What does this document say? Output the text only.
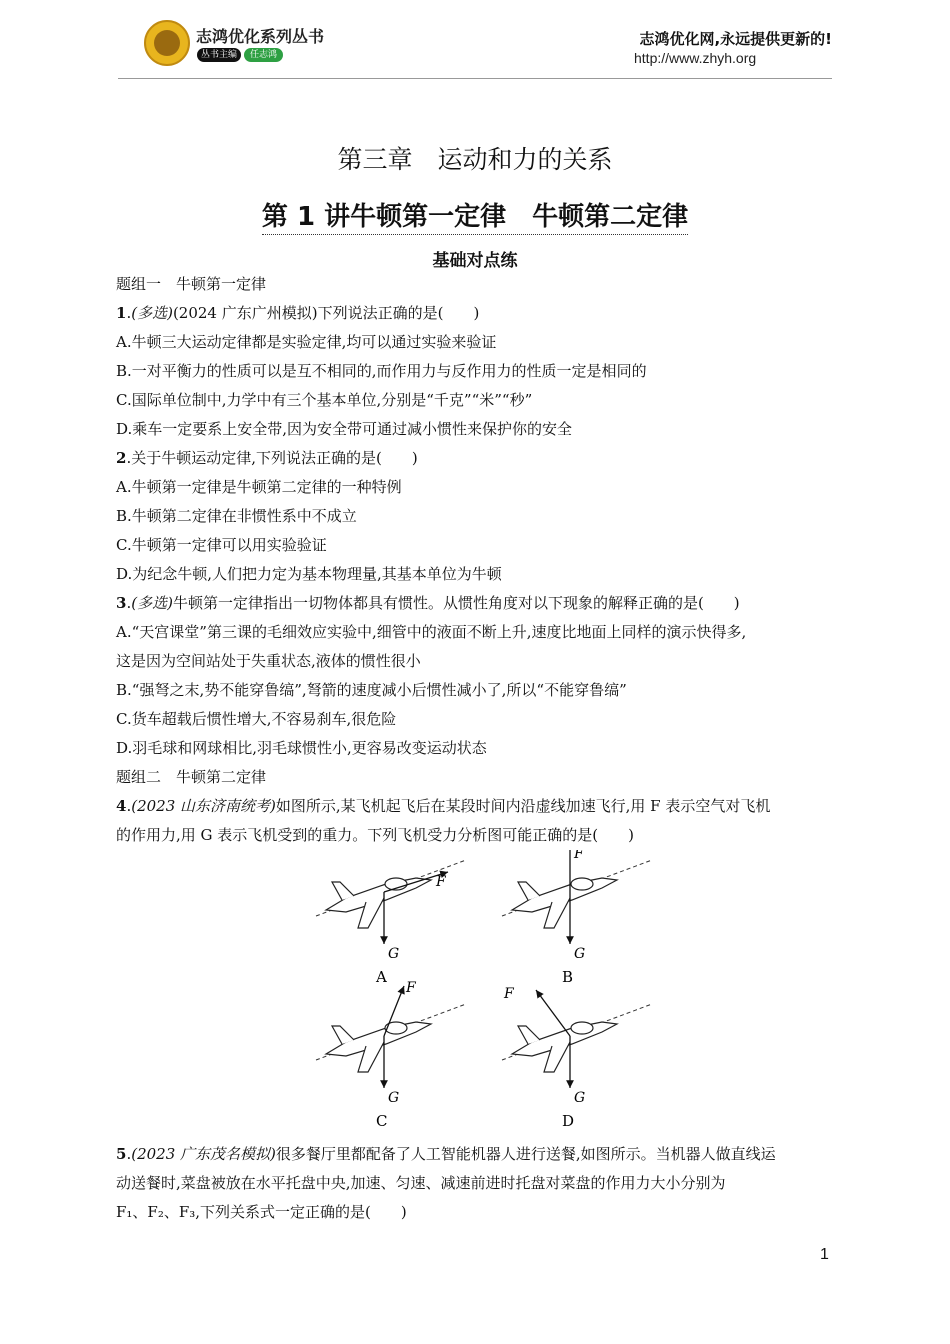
志鸿优化系列丛书
丛书主编	任志鸿
志鸿优化网,永远提供更新的!
http://www.zhyh.org
第三章　运动和力的关系
第 1 讲牛顿第一定律　牛顿第二定律
基础对点练

题组一　牛顿第一定律

1.(多选)(2024 广东广州模拟)下列说法正确的是(　　)

A.牛顿三大运动定律都是实验定律,均可以通过实验来验证

B.一对平衡力的性质可以是互不相同的,而作用力与反作用力的性质一定是相同的

C.国际单位制中,力学中有三个基本单位,分别是“千克”“米”“秒”

D.乘车一定要系上安全带,因为安全带可通过减小惯性来保护你的安全

2.关于牛顿运动定律,下列说法正确的是(　　)

A.牛顿第一定律是牛顿第二定律的一种特例

B.牛顿第二定律在非惯性系中不成立

C.牛顿第一定律可以用实验验证

D.为纪念牛顿,人们把力定为基本物理量,其基本单位为牛顿

3.(多选)牛顿第一定律指出一切物体都具有惯性。从惯性角度对以下现象的解释正确的是(　　)

A.“天宫课堂”第三课的毛细效应实验中,细管中的液面不断上升,速度比地面上同样的演示快得多,

这是因为空间站处于失重状态,液体的惯性很小

B.“强弩之末,势不能穿鲁缟”,弩箭的速度减小后惯性减小了,所以“不能穿鲁缟”

C.货车超载后惯性增大,不容易刹车,很危险

D.羽毛球和网球相比,羽毛球惯性小,更容易改变运动状态

题组二　牛顿第二定律

4.(2023 山东济南统考)如图所示,某飞机起飞后在某段时间内沿虚线加速飞行,用 F 表示空气对飞机

的作用力,用 G 表示飞机受到的重力。下列飞机受力分析图可能正确的是(　　)

F
G
A
F
G
B
F
G
C
F
G
D

5.(2023 广东茂名模拟)很多餐厅里都配备了人工智能机器人进行送餐,如图所示。当机器人做直线运

动送餐时,菜盘被放在水平托盘中央,加速、匀速、减速前进时托盘对菜盘的作用力大小分别为

F₁、F₂、F₃,下列关系式一定正确的是(　　)

1
